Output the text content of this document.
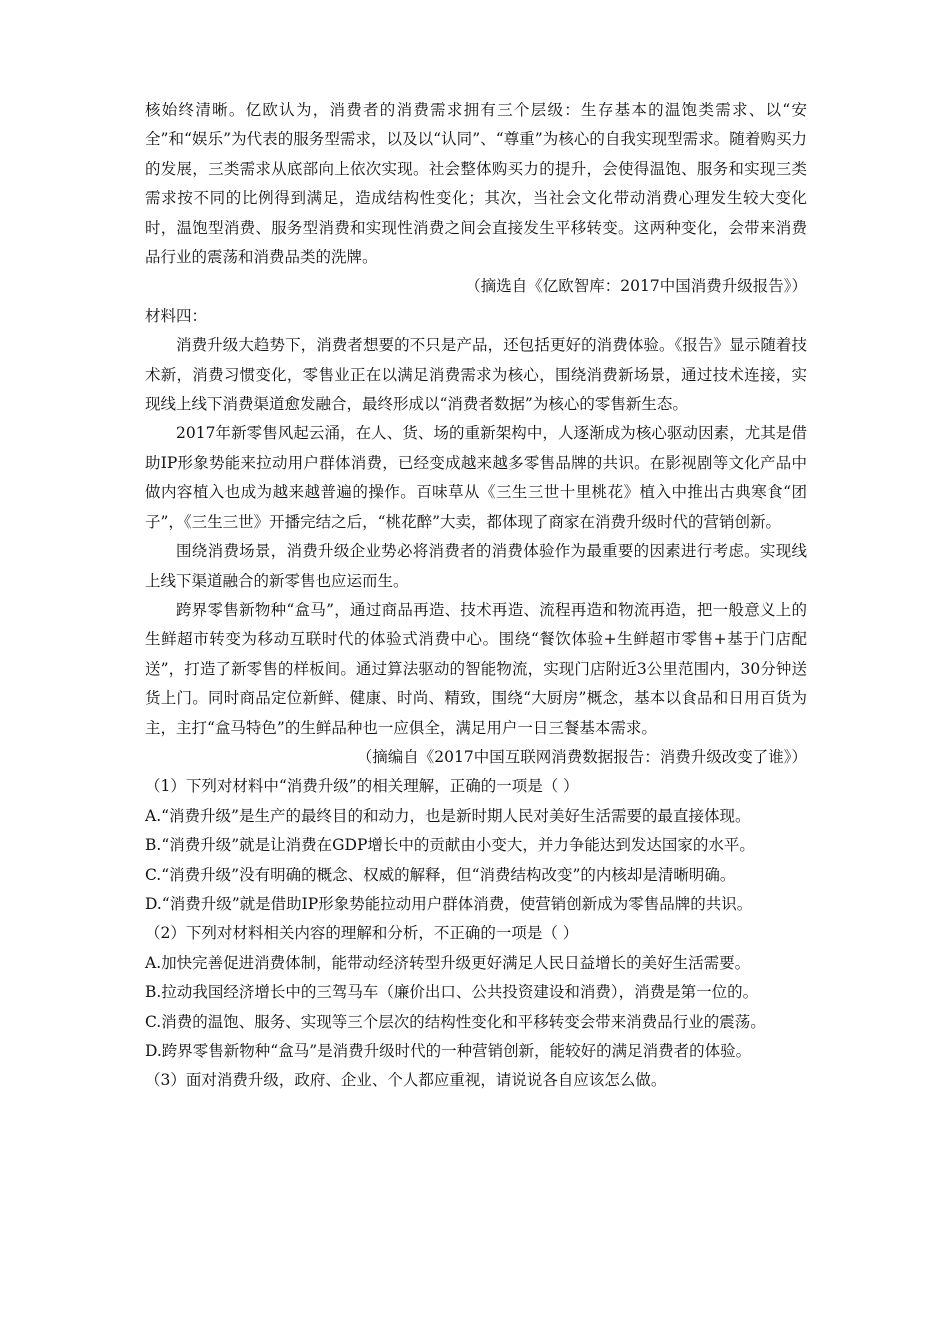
核始终清晰。亿欧认为，消费者的消费需求拥有三个层级：生存基本的温饱类需求、以“安全”和“娱乐”为代表的服务型需求，以及以“认同”、“尊重”为核心的自我实现型需求。随着购买力的发展，三类需求从底部向上依次实现。社会整体购买力的提升，会使得温饱、服务和实现三类需求按不同的比例得到满足，造成结构性变化；其次，当社会文化带动消费心理发生较大变化时，温饱型消费、服务型消费和实现性消费之间会直接发生平移转变。这两种变化，会带来消费品行业的震荡和消费品类的洗牌。

（摘选自《亿欧智库：2017中国消费升级报告》）

材料四：

消费升级大趋势下，消费者想要的不只是产品，还包括更好的消费体验。《报告》显示随着技术新，消费习惯变化，零售业正在以满足消费需求为核心，围绕消费新场景，通过技术连接，实现线上线下消费渠道愈发融合，最终形成以“消费者数据”为核心的零售新生态。

2017年新零售风起云涌，在人、货、场的重新架构中，人逐渐成为核心驱动因素，尤其是借助IP形象势能来拉动用户群体消费，已经变成越来越多零售品牌的共识。在影视剧等文化产品中做内容植入也成为越来越普遍的操作。百味草从《三生三世十里桃花》植入中推出古典寒食“团子”，《三生三世》开播完结之后，“桃花醉”大卖，都体现了商家在消费升级时代的营销创新。

围绕消费场景，消费升级企业势必将消费者的消费体验作为最重要的因素进行考虑。实现线上线下渠道融合的新零售也应运而生。

跨界零售新物种“盒马”，通过商品再造、技术再造、流程再造和物流再造，把一般意义上的生鲜超市转变为移动互联时代的体验式消费中心。围绕“餐饮体验+生鲜超市零售+基于门店配送”，打造了新零售的样板间。通过算法驱动的智能物流，实现门店附近3公里范围内，30分钟送货上门。同时商品定位新鲜、健康、时尚、精致，围绕“大厨房”概念，基本以食品和日用百货为主，主打“盒马特色”的生鲜品种也一应俱全，满足用户一日三餐基本需求。

（摘编自《2017中国互联网消费数据报告：消费升级改变了谁》）

（1）下列对材料中“消费升级”的相关理解，正确的一项是（ ）

A.“消费升级”是生产的最终目的和动力，也是新时期人民对美好生活需要的最直接体现。

B.“消费升级”就是让消费在GDP增长中的贡献由小变大，并力争能达到发达国家的水平。

C.“消费升级”没有明确的概念、权威的解释，但“消费结构改变”的内核却是清晰明确。

D.“消费升级”就是借助IP形象势能拉动用户群体消费，使营销创新成为零售品牌的共识。

（2）下列对材料相关内容的理解和分析，不正确的一项是（ ）

A.加快完善促进消费体制，能带动经济转型升级更好满足人民日益增长的美好生活需要。

B.拉动我国经济增长中的三驾马车（廉价出口、公共投资建设和消费），消费是第一位的。

C.消费的温饱、服务、实现等三个层次的结构性变化和平移转变会带来消费品行业的震荡。

D.跨界零售新物种“盒马”是消费升级时代的一种营销创新，能较好的满足消费者的体验。

（3）面对消费升级，政府、企业、个人都应重视，请说说各自应该怎么做。
